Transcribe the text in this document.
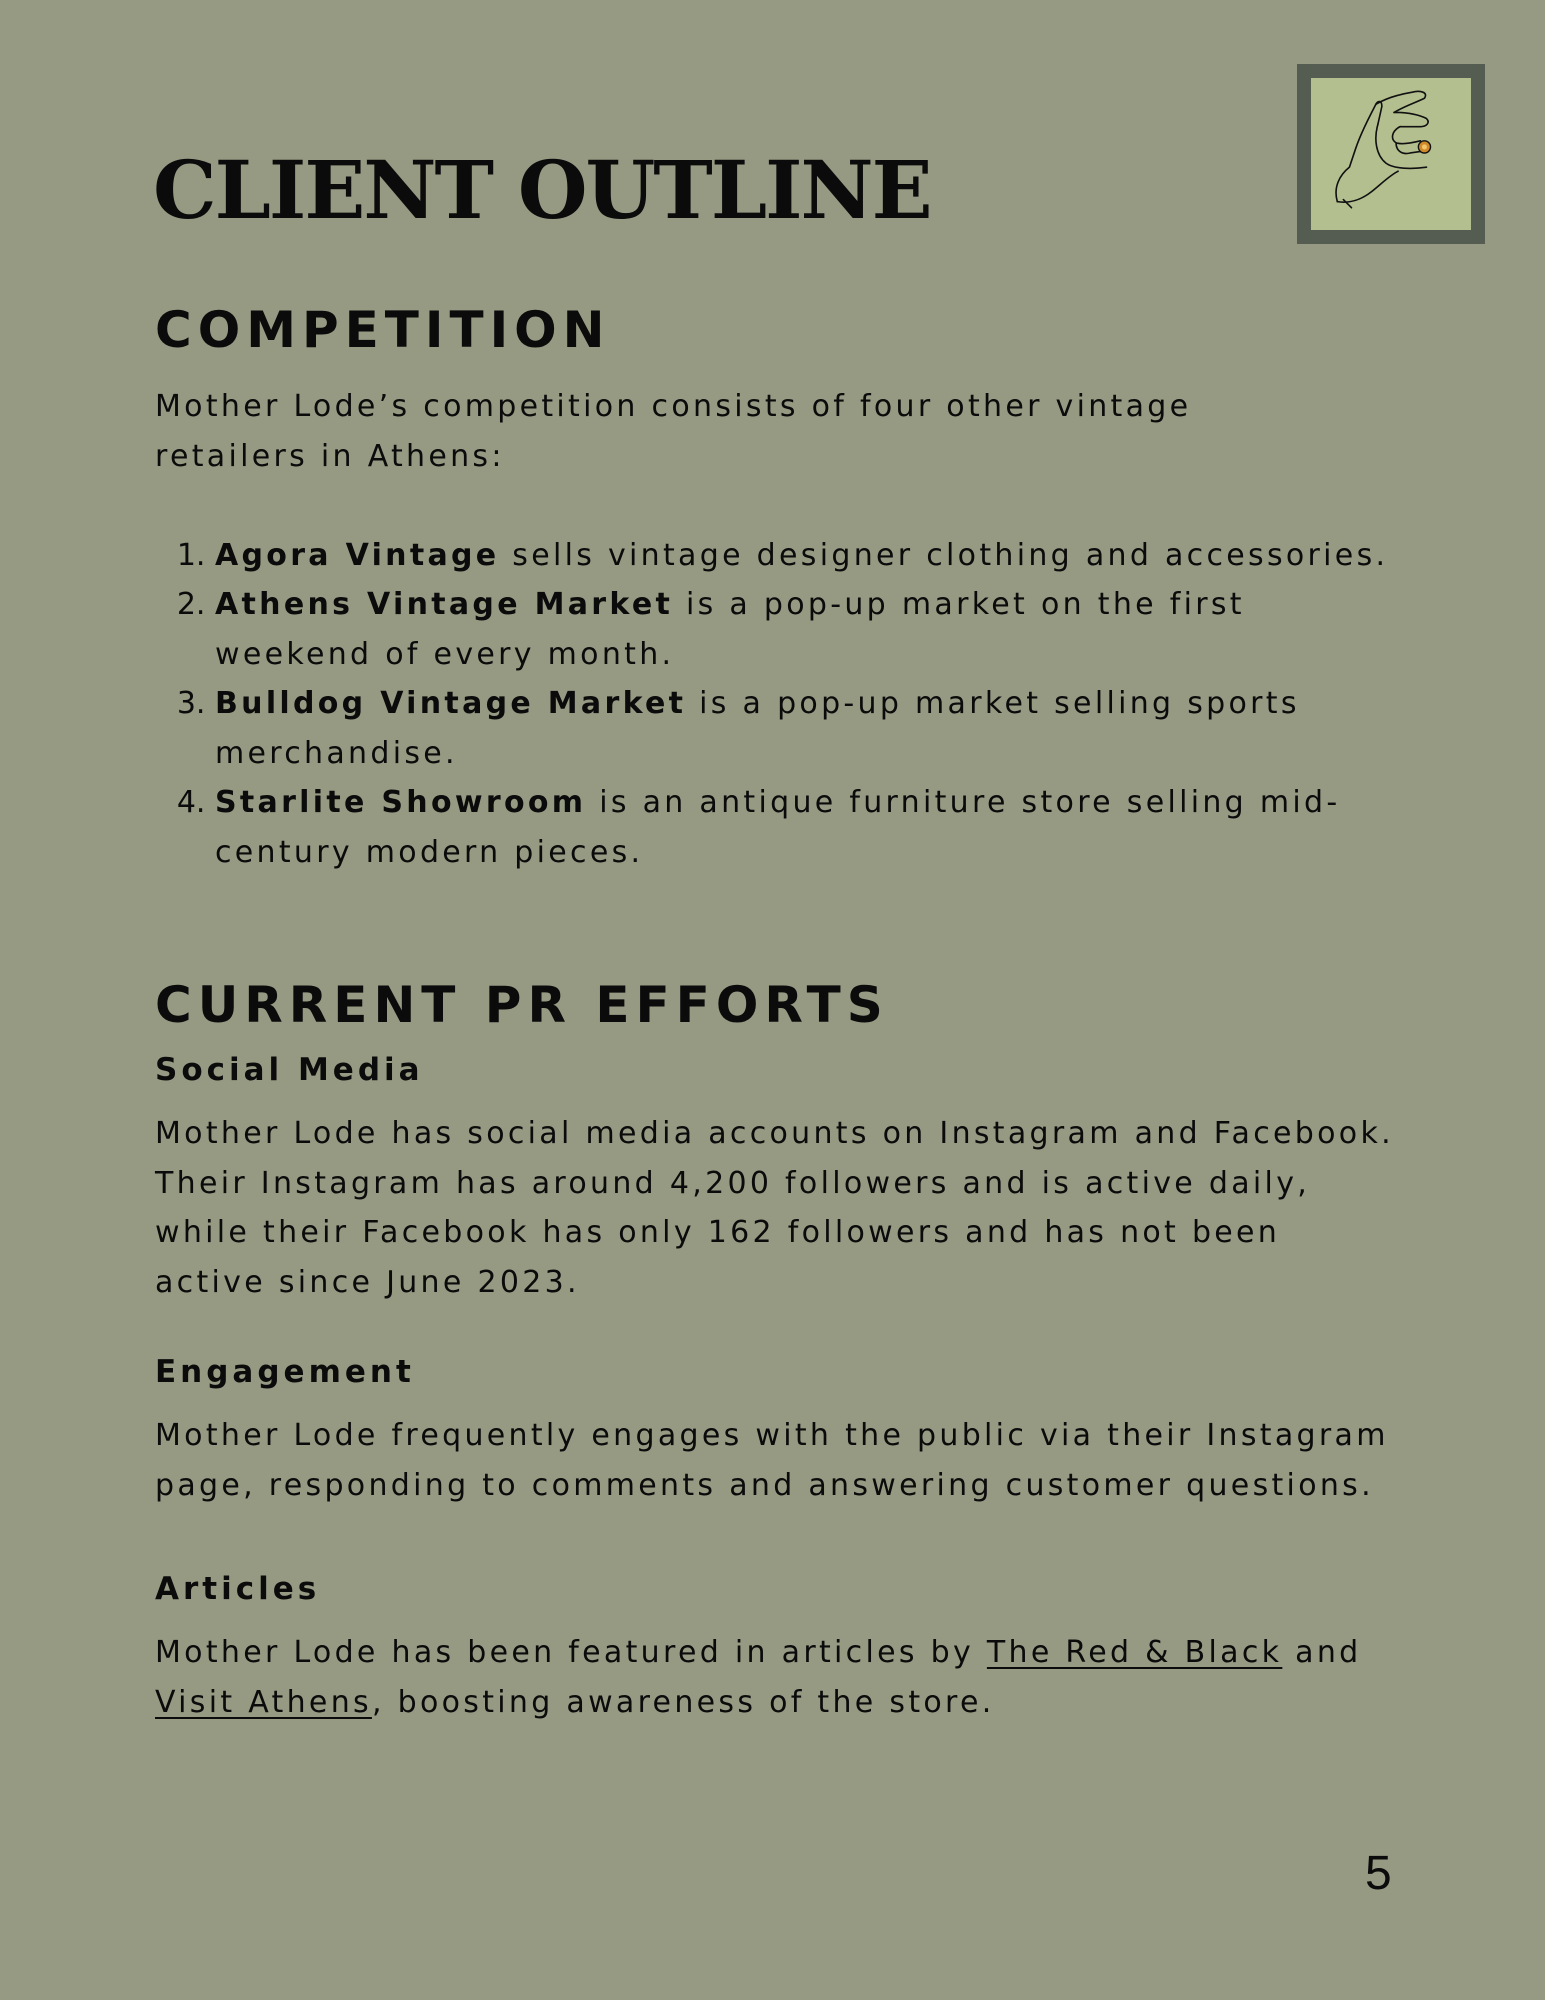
CLIENT OUTLINE
COMPETITION

Mother Lode’s competition consists of four other vintage retailers in Athens:

1. Agora Vintage sells vintage designer clothing and accessories.
2. Athens Vintage Market is a pop-up market on the first weekend of every month.
3. Bulldog Vintage Market is a pop-up market selling sports merchandise.
4. Starlite Showroom is an antique furniture store selling mid-century modern pieces.
CURRENT PR EFFORTS
Social Media

Mother Lode has social media accounts on Instagram and Facebook. Their Instagram has around 4,200 followers and is active daily, while their Facebook has only 162 followers and has not been active since June 2023.

Engagement

Mother Lode frequently engages with the public via their Instagram page, responding to comments and answering customer questions.

Articles

Mother Lode has been featured in articles by The Red & Black and Visit Athens, boosting awareness of the store.

5
